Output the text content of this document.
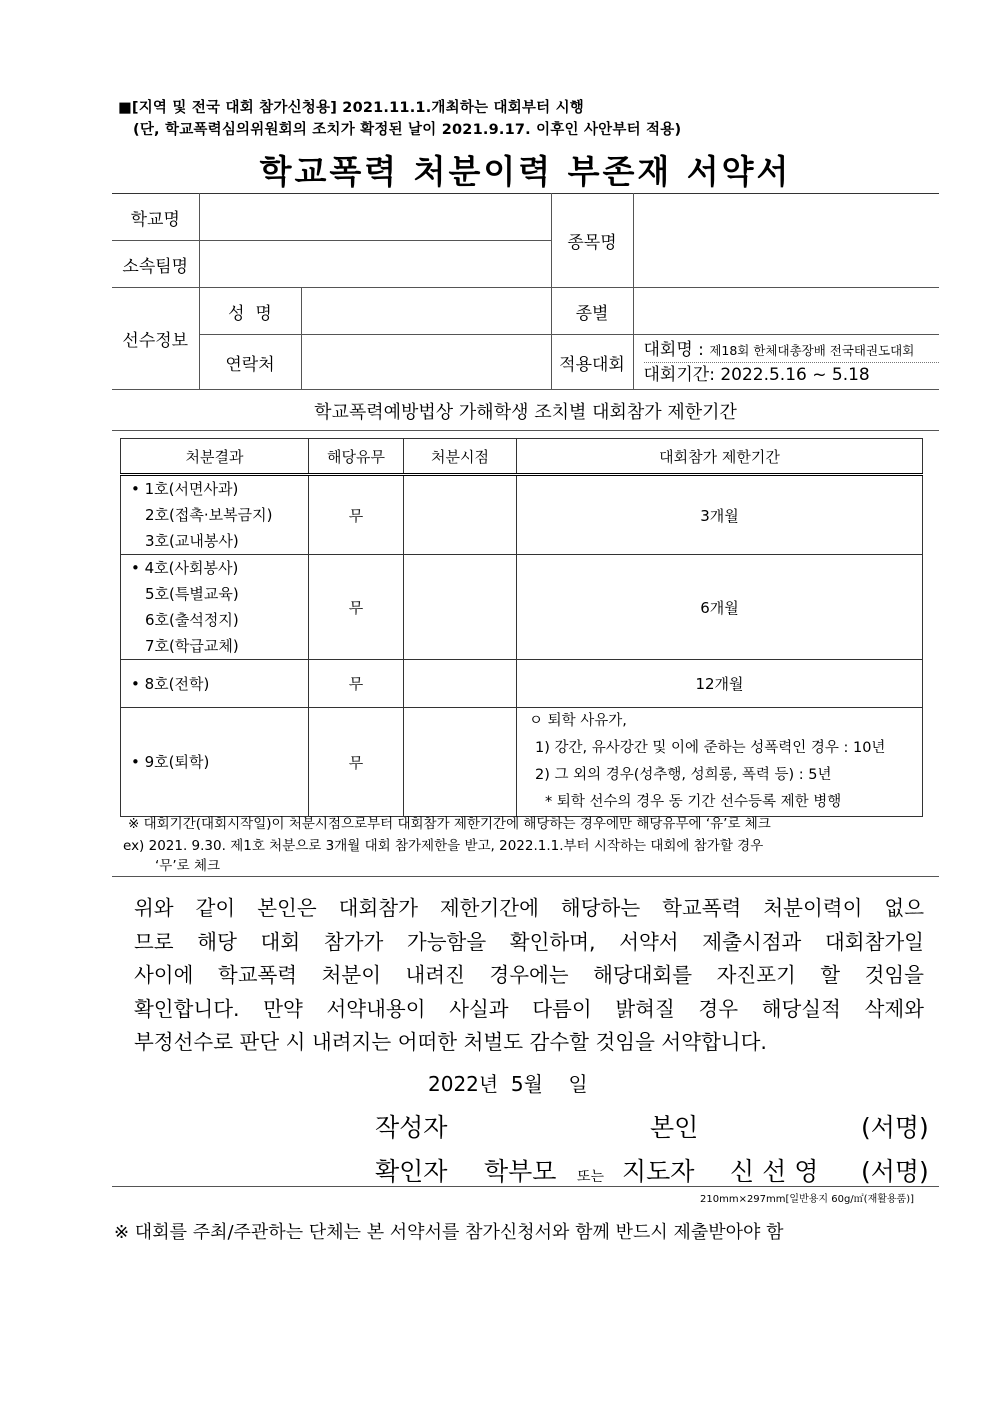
■[지역 및 전국 대회 참가신청용] 2021.11.1.개최하는 대회부터 시행
(단, 학교폭력심의위원회의 조치가 확정된 날이 2021.9.17. 이후인 사안부터 적용)
학교폭력 처분이력 부존재 서약서
학교명			종목명	
소속팀명				
선수정보	성  명		종별	
	연락처		적용대회	대회명 : 제18회 한체대총장배 전국태권도대회
대회기간: 2022.5.16 ~ 5.18
학교폭력예방법상 가해학생 조치별 대회참가 제한기간
처분결과	해당유무	처분시점	대회참가 제한기간

• 1호(서면사과)
2호(접촉·보복금지)
3호(교내봉사)	무		3개월

• 4호(사회봉사)
5호(특별교육)
6호(출석정지)
7호(학급교체)	무		6개월

• 8호(전학)	무		12개월

• 9호(퇴학)	무		ㅇ 퇴학 사유가,
1) 강간, 유사강간 및 이에 준하는 성폭력인 경우 : 10년
2) 그 외의 경우(성추행, 성희롱, 폭력 등) : 5년
* 퇴학 선수의 경우 동 기간 선수등록 제한 병행
※ 대회기간(대회시작일)이 처분시점으로부터 대회참가 제한기간에 해당하는 경우에만 해당유무에 ‘유’로 체크
ex) 2021. 9.30. 제1호 처분으로 3개월 대회 참가제한을 받고, 2022.1.1.부터 시작하는 대회에 참가할 경우
‘무’로 체크
위와 같이 본인은 대회참가 제한기간에 해당하는 학교폭력 처분이력이 없으
므로 해당 대회 참가가 가능함을 확인하며, 서약서 제출시점과 대회참가일
사이에 학교폭력 처분이 내려진 경우에는 해당대회를 자진포기 할 것임을
확인합니다. 만약 서약내용이 사실과 다름이 밝혀질 경우 해당실적 삭제와
부정선수로 판단 시 내려지는 어떠한 처벌도 감수할 것임을 서약합니다.
2022년  5월    일
작성자	본인	(서명)
확인자 학부모 또는 지도자 신 선 영 (서명)
210mm×297mm[일반용지 60g/㎡(재활용품)]
※ 대회를 주최/주관하는 단체는 본 서약서를 참가신청서와 함께 반드시 제출받아야 함
